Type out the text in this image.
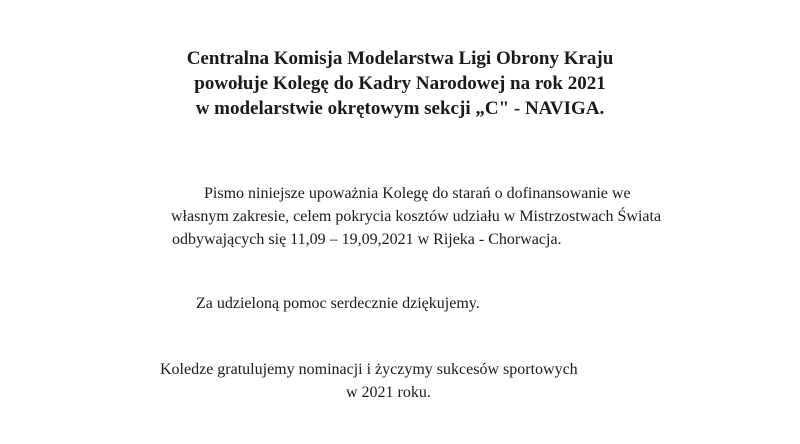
Centralna Komisja Modelarstwa Ligi Obrony Kraju
powołuje Kolegę do Kadry Narodowej na rok 2021
w modelarstwie okrętowym sekcji „C" - NAVIGA.
Pismo niniejsze upoważnia Kolegę do starań o dofinansowanie we
własnym zakresie, celem pokrycia kosztów udziału w Mistrzostwach Świata
odbywających się 11,09 – 19,09,2021 w Rijeka - Chorwacja.
Za udzieloną pomoc serdecznie dziękujemy.
Koledze gratulujemy nominacji i życzymy sukcesów sportowych
w 2021 roku.
